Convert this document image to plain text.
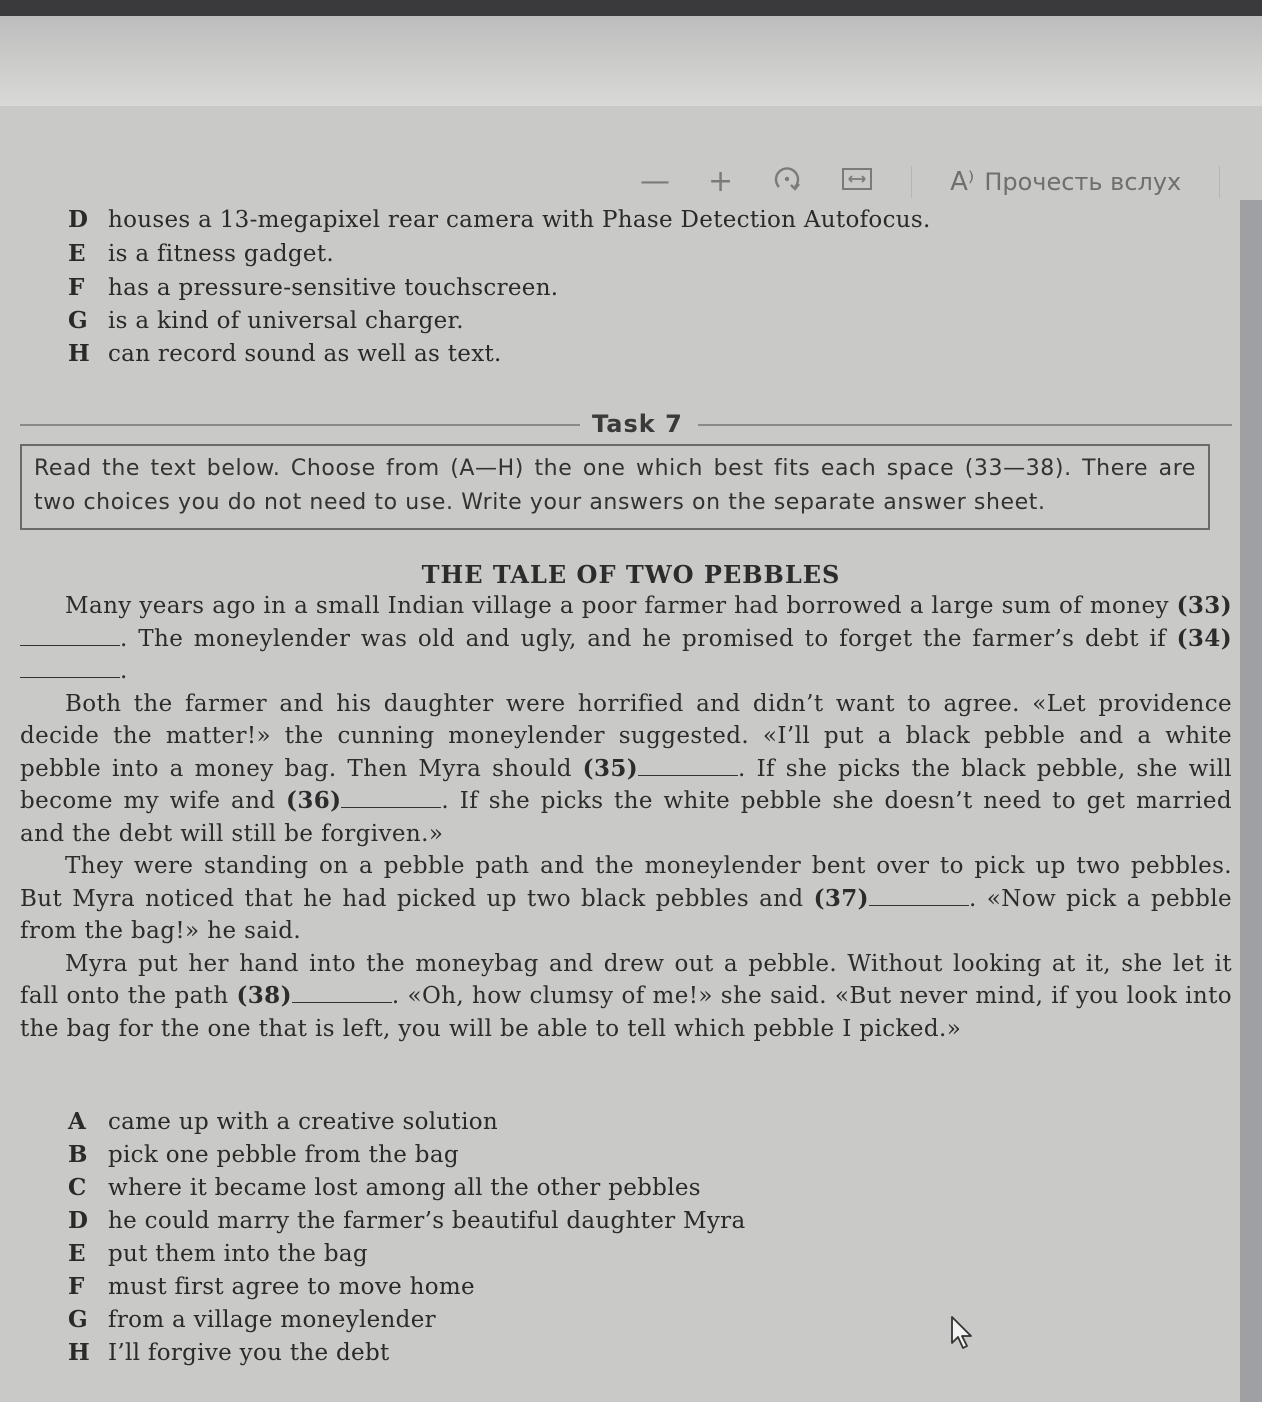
— +	A⁾ Прочесть вслух
D houses a 13-megapixel rear camera with Phase Detection Autofocus.
E is a fitness gadget.
F has a pressure-sensitive touchscreen.
G is a kind of universal charger.
H can record sound as well as text.
Task 7
Read the text below. Choose from (A—H) the one which best fits each space (33—38). There are two choices you do not need to use. Write your answers on the separate answer sheet.
THE TALE OF TWO PEBBLES

Many years ago in a small Indian village a poor farmer had borrowed a large sum of money (33). The moneylender was old and ugly, and he promised to forget the farmer’s debt if (34).

Both the farmer and his daughter were horrified and didn’t want to agree. «Let providence decide the matter!» the cunning moneylender suggested. «I’ll put a black pebble and a white pebble into a money bag. Then Myra should (35)	. If she picks the black pebble, she will become my wife and (36)	. If she picks the white pebble she doesn’t need to get married and the debt will still be forgiven.»

They were standing on a pebble path and the moneylender bent over to pick up two pebbles. But Myra noticed that he had picked up two black pebbles and (37)	. «Now pick a pebble from the bag!» he said.

Myra put her hand into the moneybag and drew out a pebble. Without looking at it, she let it fall onto the path (38)	. «Oh, how clumsy of me!» she said. «But never mind, if you look into the bag for the one that is left, you will be able to tell which pebble I picked.»

A came up with a creative solution
B pick one pebble from the bag
C where it became lost among all the other pebbles
D he could marry the farmer’s beautiful daughter Myra
E put them into the bag
F must first agree to move home
G from a village moneylender
H I’ll forgive you the debt
